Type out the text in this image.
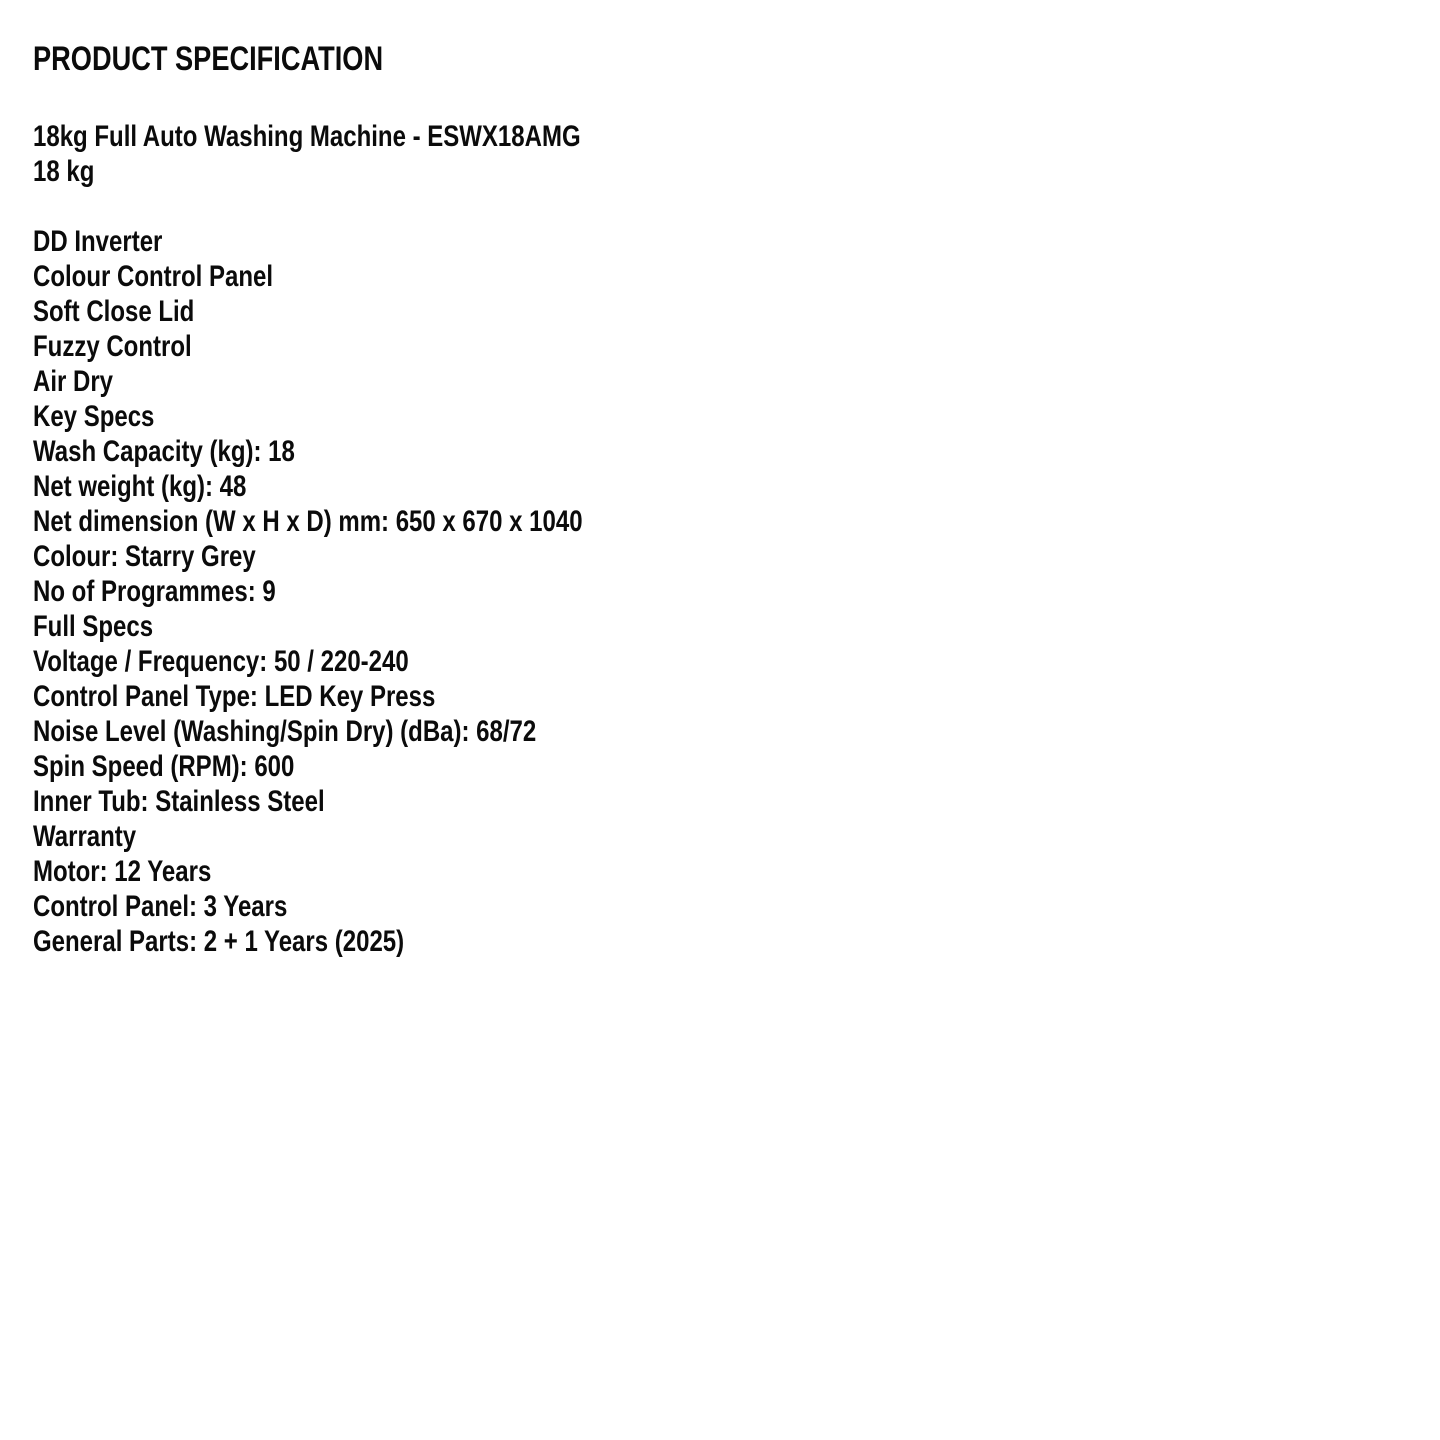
PRODUCT SPECIFICATION
18kg Full Auto Washing Machine - ESWX18AMG
18 kg
DD Inverter
Colour Control Panel
Soft Close Lid
Fuzzy Control
Air Dry
Key Specs
Wash Capacity (kg): 18
Net weight (kg): 48
Net dimension (W x H x D) mm: 650 x 670 x 1040
Colour: Starry Grey
No of Programmes: 9
Full Specs
Voltage / Frequency: 50 / 220-240
Control Panel Type: LED Key Press
Noise Level (Washing/Spin Dry) (dBa): 68/72
Spin Speed (RPM): 600
Inner Tub: Stainless Steel
Warranty
Motor: 12 Years
Control Panel: 3 Years
General Parts: 2 + 1 Years (2025)
